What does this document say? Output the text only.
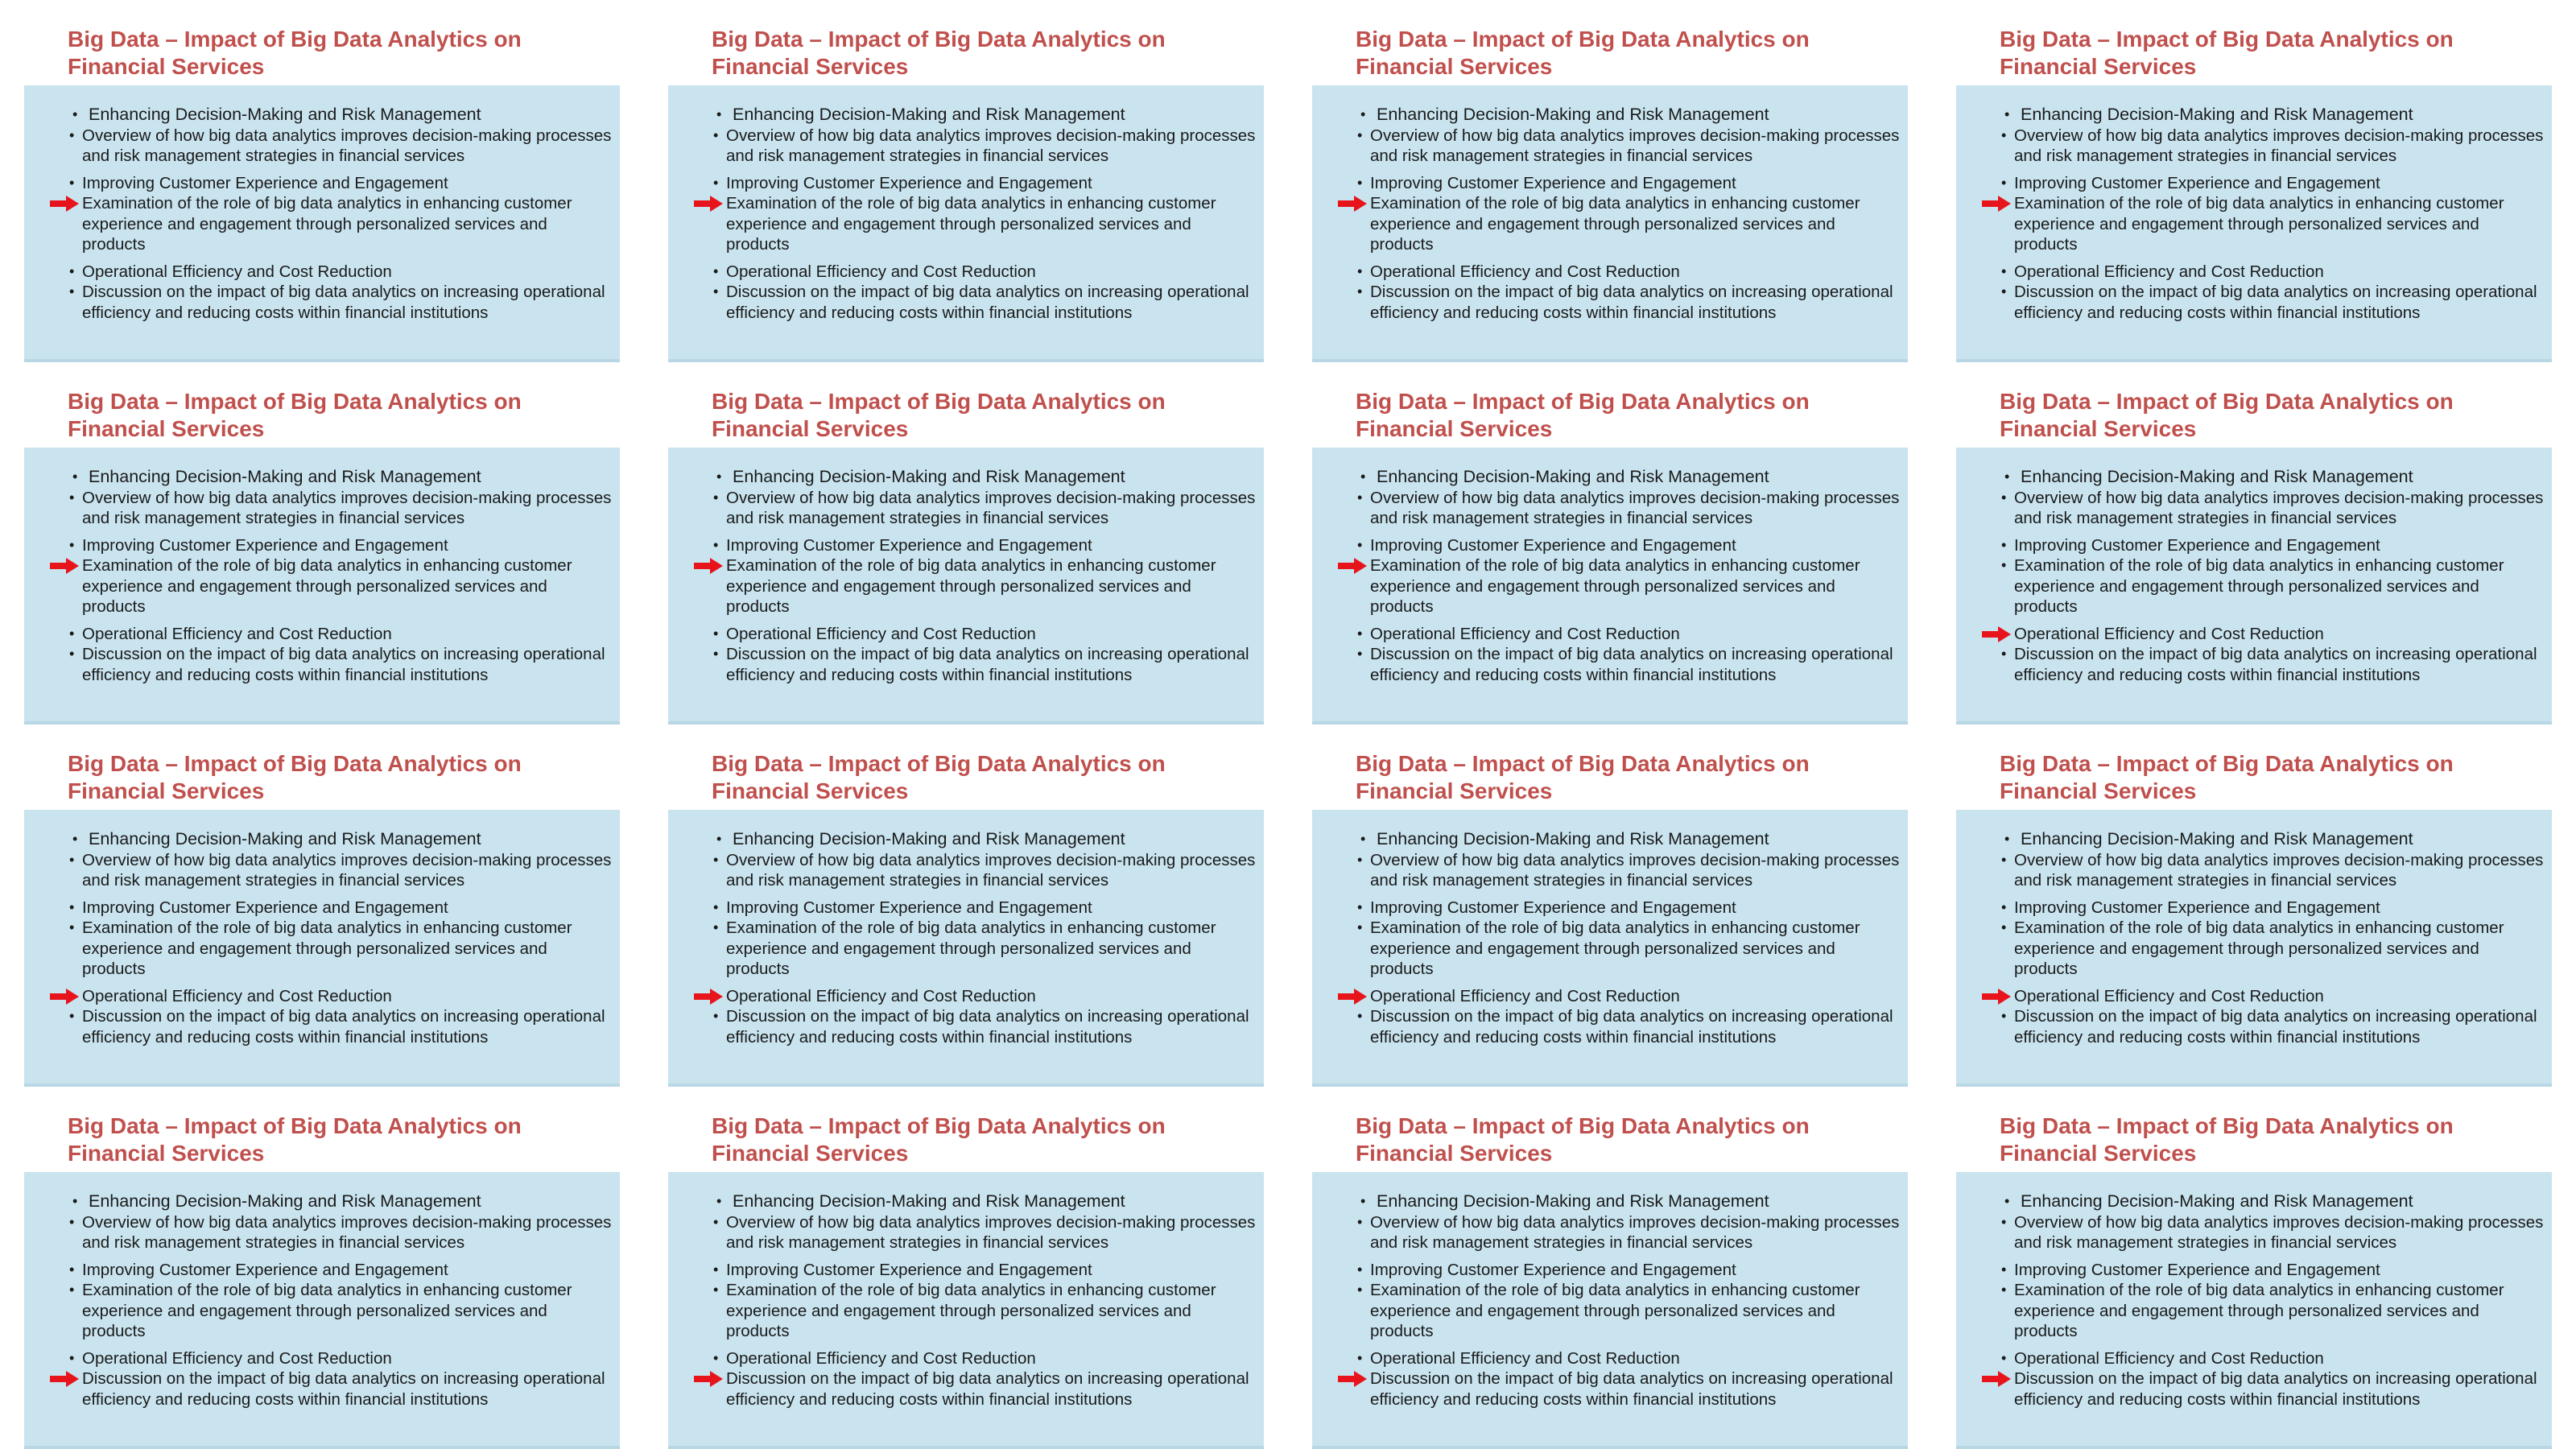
Big Data – Impact of Big Data Analytics on Financial Services
• Enhancing Decision-Making and Risk Management
• Overview of how big data analytics improves decision-making processes and risk management strategies in financial services
• Improving Customer Experience and Engagement
Examination of the role of big data analytics in enhancing customer experience and engagement through personalized services and products
• Operational Efficiency and Cost Reduction
• Discussion on the impact of big data analytics on increasing operational efficiency and reducing costs within financial institutions
Big Data – Impact of Big Data Analytics on Financial Services
• Enhancing Decision-Making and Risk Management
• Overview of how big data analytics improves decision-making processes and risk management strategies in financial services
• Improving Customer Experience and Engagement
Examination of the role of big data analytics in enhancing customer experience and engagement through personalized services and products
• Operational Efficiency and Cost Reduction
• Discussion on the impact of big data analytics on increasing operational efficiency and reducing costs within financial institutions
Big Data – Impact of Big Data Analytics on Financial Services
• Enhancing Decision-Making and Risk Management
• Overview of how big data analytics improves decision-making processes and risk management strategies in financial services
• Improving Customer Experience and Engagement
Examination of the role of big data analytics in enhancing customer experience and engagement through personalized services and products
• Operational Efficiency and Cost Reduction
• Discussion on the impact of big data analytics on increasing operational efficiency and reducing costs within financial institutions
Big Data – Impact of Big Data Analytics on Financial Services
• Enhancing Decision-Making and Risk Management
• Overview of how big data analytics improves decision-making processes and risk management strategies in financial services
• Improving Customer Experience and Engagement
Examination of the role of big data analytics in enhancing customer experience and engagement through personalized services and products
• Operational Efficiency and Cost Reduction
• Discussion on the impact of big data analytics on increasing operational efficiency and reducing costs within financial institutions
Big Data – Impact of Big Data Analytics on Financial Services
• Enhancing Decision-Making and Risk Management
• Overview of how big data analytics improves decision-making processes and risk management strategies in financial services
• Improving Customer Experience and Engagement
Examination of the role of big data analytics in enhancing customer experience and engagement through personalized services and products
• Operational Efficiency and Cost Reduction
• Discussion on the impact of big data analytics on increasing operational efficiency and reducing costs within financial institutions
Big Data – Impact of Big Data Analytics on Financial Services
• Enhancing Decision-Making and Risk Management
• Overview of how big data analytics improves decision-making processes and risk management strategies in financial services
• Improving Customer Experience and Engagement
Examination of the role of big data analytics in enhancing customer experience and engagement through personalized services and products
• Operational Efficiency and Cost Reduction
• Discussion on the impact of big data analytics on increasing operational efficiency and reducing costs within financial institutions
Big Data – Impact of Big Data Analytics on Financial Services
• Enhancing Decision-Making and Risk Management
• Overview of how big data analytics improves decision-making processes and risk management strategies in financial services
• Improving Customer Experience and Engagement
Examination of the role of big data analytics in enhancing customer experience and engagement through personalized services and products
• Operational Efficiency and Cost Reduction
• Discussion on the impact of big data analytics on increasing operational efficiency and reducing costs within financial institutions
Big Data – Impact of Big Data Analytics on Financial Services
• Enhancing Decision-Making and Risk Management
• Overview of how big data analytics improves decision-making processes and risk management strategies in financial services
• Improving Customer Experience and Engagement
• Examination of the role of big data analytics in enhancing customer experience and engagement through personalized services and products
Operational Efficiency and Cost Reduction
• Discussion on the impact of big data analytics on increasing operational efficiency and reducing costs within financial institutions
Big Data – Impact of Big Data Analytics on Financial Services
• Enhancing Decision-Making and Risk Management
• Overview of how big data analytics improves decision-making processes and risk management strategies in financial services
• Improving Customer Experience and Engagement
• Examination of the role of big data analytics in enhancing customer experience and engagement through personalized services and products
Operational Efficiency and Cost Reduction
• Discussion on the impact of big data analytics on increasing operational efficiency and reducing costs within financial institutions
Big Data – Impact of Big Data Analytics on Financial Services
• Enhancing Decision-Making and Risk Management
• Overview of how big data analytics improves decision-making processes and risk management strategies in financial services
• Improving Customer Experience and Engagement
• Examination of the role of big data analytics in enhancing customer experience and engagement through personalized services and products
Operational Efficiency and Cost Reduction
• Discussion on the impact of big data analytics on increasing operational efficiency and reducing costs within financial institutions
Big Data – Impact of Big Data Analytics on Financial Services
• Enhancing Decision-Making and Risk Management
• Overview of how big data analytics improves decision-making processes and risk management strategies in financial services
• Improving Customer Experience and Engagement
• Examination of the role of big data analytics in enhancing customer experience and engagement through personalized services and products
Operational Efficiency and Cost Reduction
• Discussion on the impact of big data analytics on increasing operational efficiency and reducing costs within financial institutions
Big Data – Impact of Big Data Analytics on Financial Services
• Enhancing Decision-Making and Risk Management
• Overview of how big data analytics improves decision-making processes and risk management strategies in financial services
• Improving Customer Experience and Engagement
• Examination of the role of big data analytics in enhancing customer experience and engagement through personalized services and products
Operational Efficiency and Cost Reduction
• Discussion on the impact of big data analytics on increasing operational efficiency and reducing costs within financial institutions
Big Data – Impact of Big Data Analytics on Financial Services
• Enhancing Decision-Making and Risk Management
• Overview of how big data analytics improves decision-making processes and risk management strategies in financial services
• Improving Customer Experience and Engagement
• Examination of the role of big data analytics in enhancing customer experience and engagement through personalized services and products
• Operational Efficiency and Cost Reduction
Discussion on the impact of big data analytics on increasing operational efficiency and reducing costs within financial institutions
Big Data – Impact of Big Data Analytics on Financial Services
• Enhancing Decision-Making and Risk Management
• Overview of how big data analytics improves decision-making processes and risk management strategies in financial services
• Improving Customer Experience and Engagement
• Examination of the role of big data analytics in enhancing customer experience and engagement through personalized services and products
• Operational Efficiency and Cost Reduction
Discussion on the impact of big data analytics on increasing operational efficiency and reducing costs within financial institutions
Big Data – Impact of Big Data Analytics on Financial Services
• Enhancing Decision-Making and Risk Management
• Overview of how big data analytics improves decision-making processes and risk management strategies in financial services
• Improving Customer Experience and Engagement
• Examination of the role of big data analytics in enhancing customer experience and engagement through personalized services and products
• Operational Efficiency and Cost Reduction
Discussion on the impact of big data analytics on increasing operational efficiency and reducing costs within financial institutions
Big Data – Impact of Big Data Analytics on Financial Services
• Enhancing Decision-Making and Risk Management
• Overview of how big data analytics improves decision-making processes and risk management strategies in financial services
• Improving Customer Experience and Engagement
• Examination of the role of big data analytics in enhancing customer experience and engagement through personalized services and products
• Operational Efficiency and Cost Reduction
Discussion on the impact of big data analytics on increasing operational efficiency and reducing costs within financial institutions
